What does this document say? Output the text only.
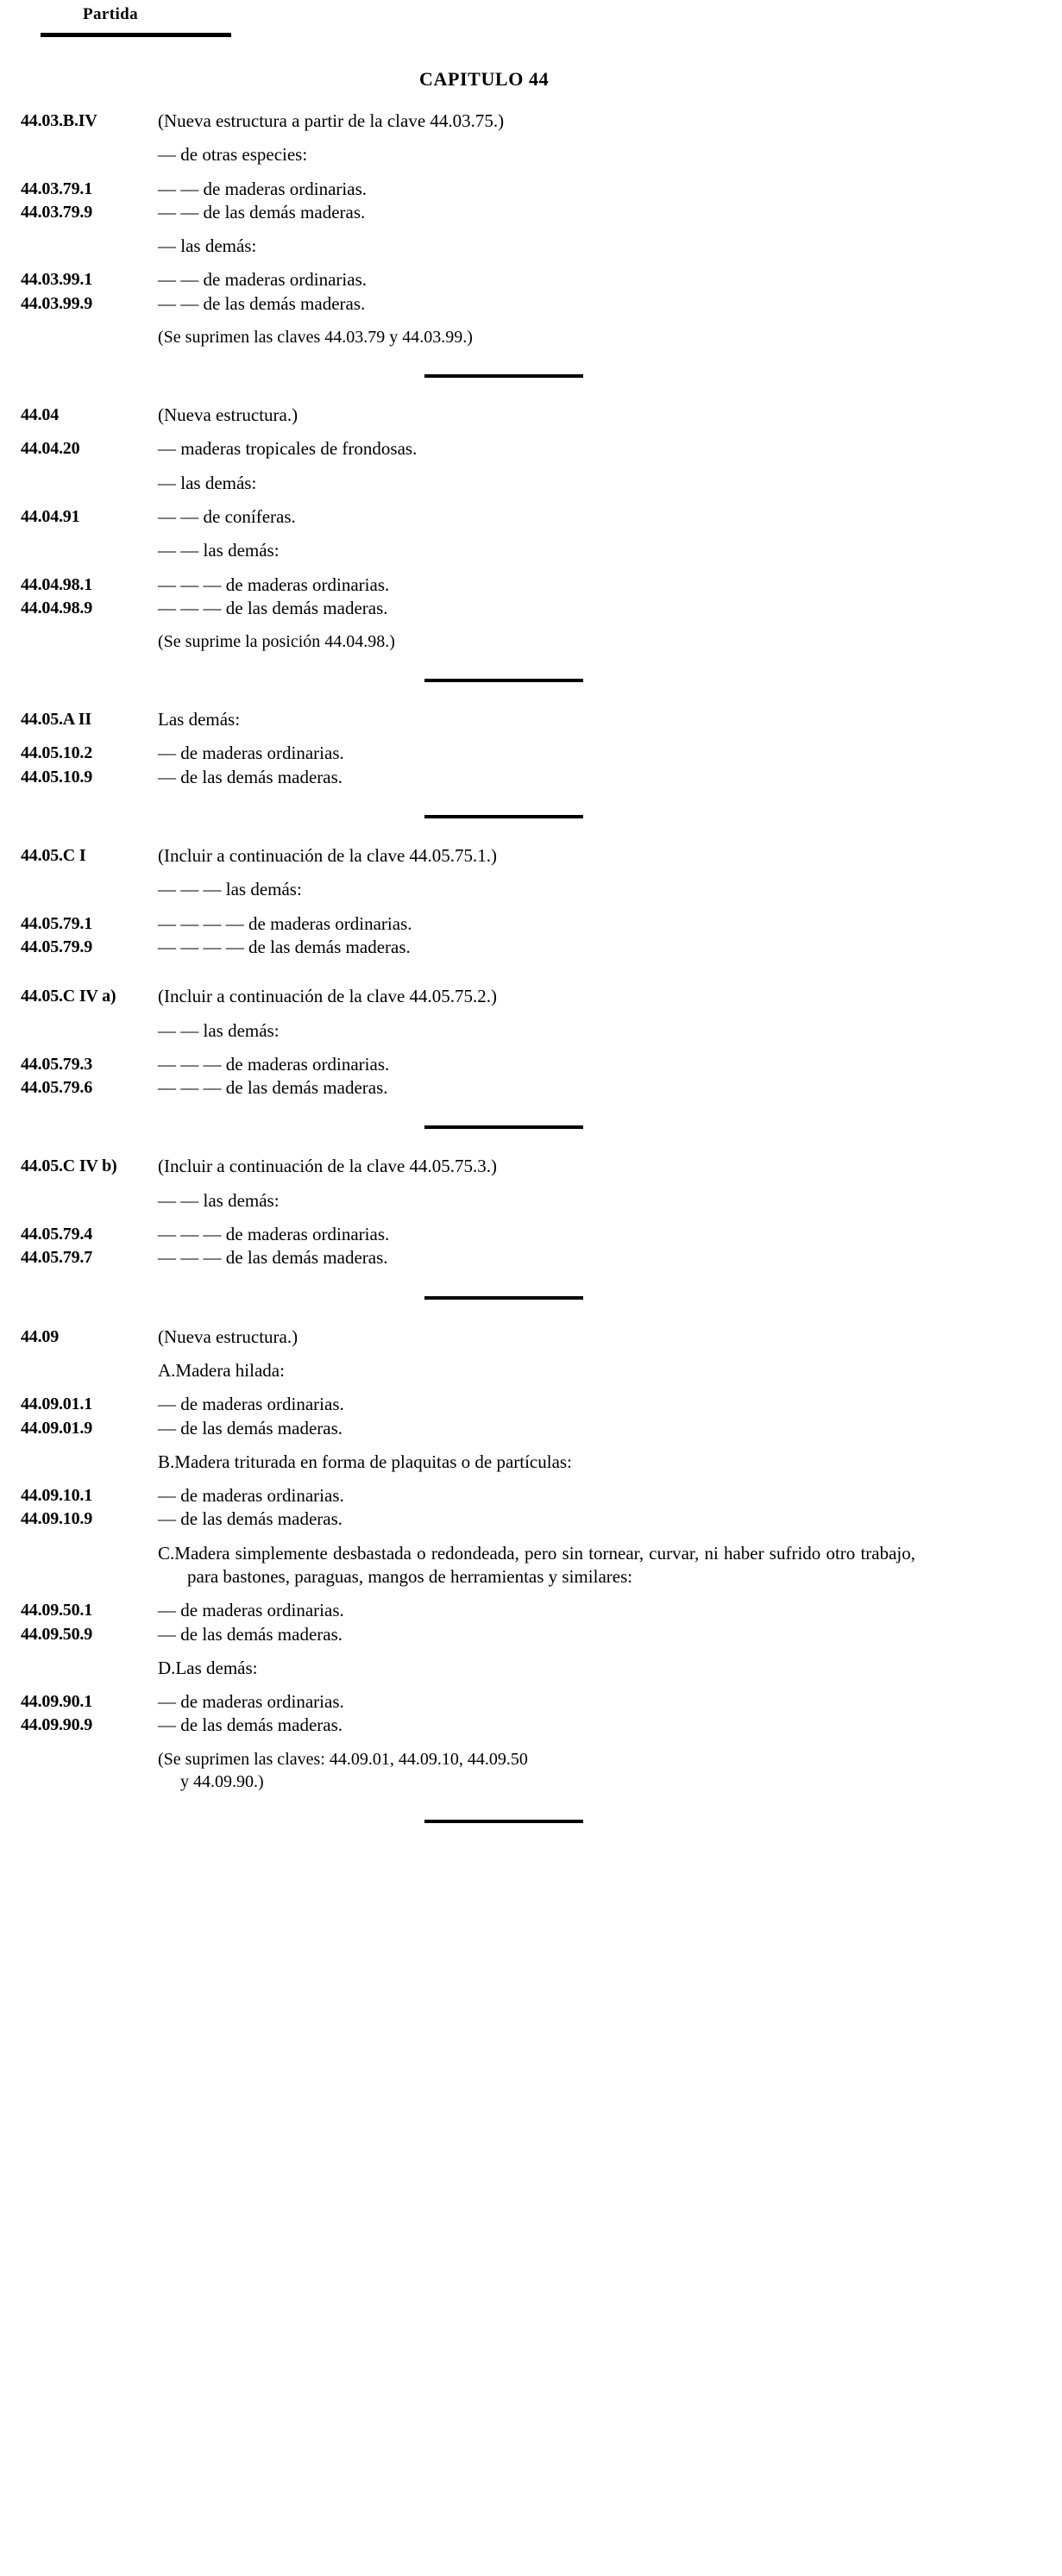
Partida
CAPITULO 44
44.03.B.IV	(Nueva estructura a partir de la clave 44.03.75.)
— de otras especies:
44.03.79.1	— — de maderas ordinarias.
44.03.79.9	— — de las demás maderas.
— las demás:
44.03.99.1	— — de maderas ordinarias.
44.03.99.9	— — de las demás maderas.
(Se suprimen las claves 44.03.79 y 44.03.99.)
44.04	(Nueva estructura.)
44.04.20	— maderas tropicales de frondosas.
— las demás:
44.04.91	— — de coníferas.
— — las demás:
44.04.98.1	— — — de maderas ordinarias.
44.04.98.9	— — — de las demás maderas.
(Se suprime la posición 44.04.98.)
44.05.A II	Las demás:
44.05.10.2	— de maderas ordinarias.
44.05.10.9	— de las demás maderas.
44.05.C I	(Incluir a continuación de la clave 44.05.75.1.)
— — — las demás:
44.05.79.1	— — — — de maderas ordinarias.
44.05.79.9	— — — — de las demás maderas.
44.05.C IV a)	(Incluir a continuación de la clave 44.05.75.2.)
— — las demás:
44.05.79.3	— — — de maderas ordinarias.
44.05.79.6	— — — de las demás maderas.
44.05.C IV b)	(Incluir a continuación de la clave 44.05.75.3.)
— — las demás:
44.05.79.4	— — — de maderas ordinarias.
44.05.79.7	— — — de las demás maderas.
44.09	(Nueva estructura.)
A.Madera hilada:
44.09.01.1	— de maderas ordinarias.
44.09.01.9	— de las demás maderas.
B.Madera triturada en forma de plaquitas o de partículas:
44.09.10.1	— de maderas ordinarias.
44.09.10.9	— de las demás maderas.
C.Madera simplemente desbastada o redondeada, pero sin tornear, curvar, ni haber sufrido otro trabajo, para bastones, paraguas, mangos de herramientas y similares:
44.09.50.1	— de maderas ordinarias.
44.09.50.9	— de las demás maderas.
D.Las demás:
44.09.90.1	— de maderas ordinarias.
44.09.90.9	— de las demás maderas.
(Se suprimen las claves: 44.09.01, 44.09.10, 44.09.50
y 44.09.90.)
